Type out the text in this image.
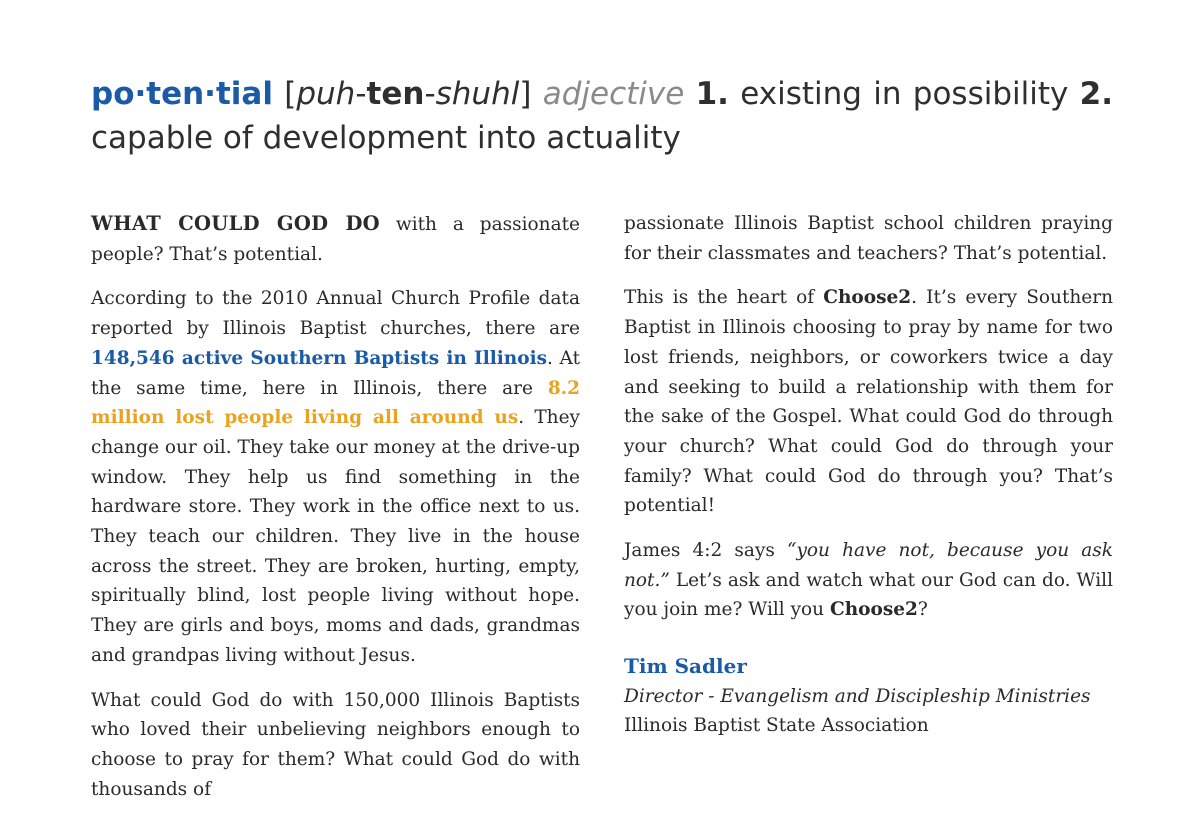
po·ten·tial [puh-ten-shuhl] adjective 1. existing in possibility 2. capable of development into actuality

WHAT COULD GOD DO with a passionate people? That’s potential.

According to the 2010 Annual Church Profile data reported by Illinois Baptist churches, there are 148,546 active Southern Baptists in Illinois. At the same time, here in Illinois, there are 8.2 million lost people living all around us. They change our oil. They take our money at the drive-up window. They help us find something in the hardware store. They work in the office next to us. They teach our children. They live in the house across the street. They are broken, hurting, empty, spiritually blind, lost people living without hope. They are girls and boys, moms and dads, grandmas and grandpas living without Jesus.

What could God do with 150,000 Illinois Baptists who loved their unbelieving neighbors enough to choose to pray for them? What could God do with thousands of

passionate Illinois Baptist school children praying for their classmates and teachers? That’s potential.

This is the heart of Choose2. It’s every Southern Baptist in Illinois choosing to pray by name for two lost friends, neighbors, or coworkers twice a day and seeking to build a relationship with them for the sake of the Gospel. What could God do through your church? What could God do through your family? What could God do through you? That’s potential!

James 4:2 says “you have not, because you ask not.” Let’s ask and watch what our God can do. Will you join me? Will you Choose2?

Tim Sadler
Director - Evangelism and Discipleship Ministries
Illinois Baptist State Association
